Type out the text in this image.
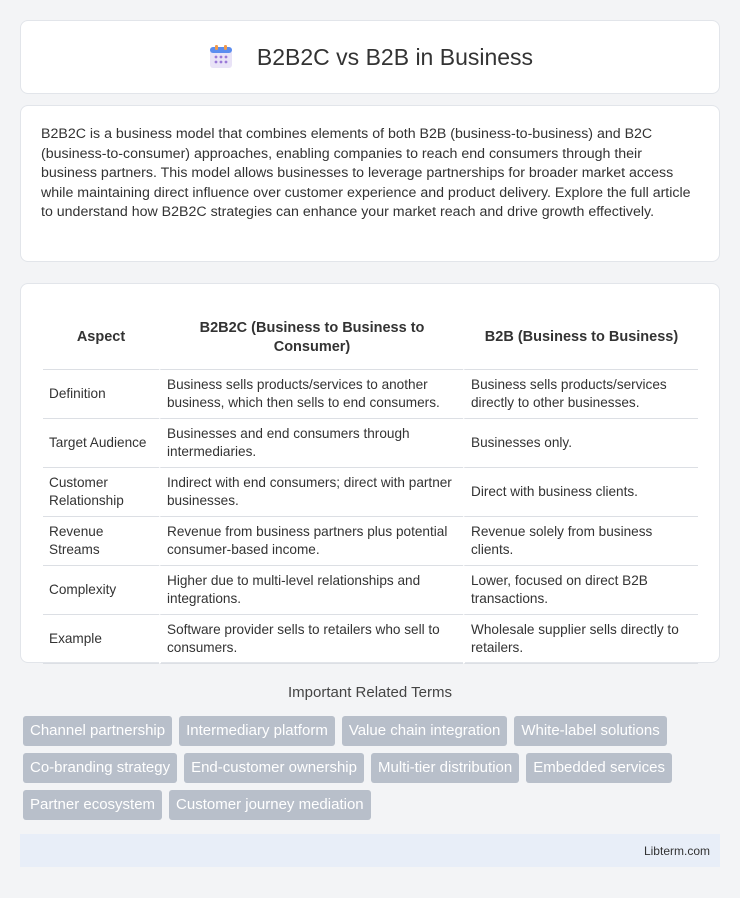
B2B2C vs B2B in Business

B2B2C is a business model that combines elements of both B2B (business-to-business) and B2C (business-to-consumer) approaches, enabling companies to reach end consumers through their business partners. This model allows businesses to leverage partnerships for broader market access while maintaining direct influence over customer experience and product delivery. Explore the full article to understand how B2B2C strategies can enhance your market reach and drive growth effectively.

Aspect	B2B2C (Business to Business to Consumer)	B2B (Business to Business)
Definition	Business sells products/services to another business, which then sells to end consumers.	Business sells products/services directly to other businesses.
Target Audience	Businesses and end consumers through intermediaries.	Businesses only.
Customer Relationship	Indirect with end consumers; direct with partner businesses.	Direct with business clients.
Revenue Streams	Revenue from business partners plus potential consumer-based income.	Revenue solely from business clients.
Complexity	Higher due to multi-level relationships and integrations.	Lower, focused on direct B2B transactions.
Example	Software provider sells to retailers who sell to consumers.	Wholesale supplier sells directly to retailers.
Important Related Terms
Channel partnership	Intermediary platform	Value chain integration	White-label solutions
Co-branding strategy	End-customer ownership	Multi-tier distribution	Embedded services
Partner ecosystem	Customer journey mediation
Libterm.com
